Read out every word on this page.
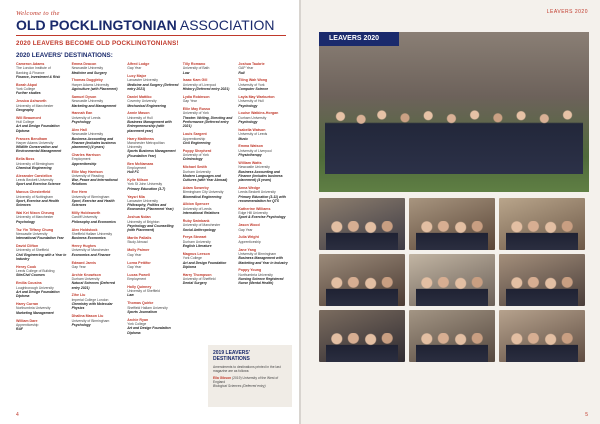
Welcome to the
OLD POCKLINGTONIAN ASSOCIATION
2020 LEAVERS BECOME OLD POCKLINGTONIANS!
2020 LEAVERS' DESTINATIONS:
Cameron Adams
The London Institute of
Banking & Finance
Finance, Investment & Risk
Borah Akpol
York College
Further studies
Jessica Ashworth
University of Manchester
Geography
Will Beaumont
Hull College
Art and Design Foundation Diploma
Frances Bendham
Harper Adams University
Wildlife Conservation and Environmental Management
Bella Boss
University of Birmingham
Chemical Engineering
Alexander Carstellon
Leeds Beckett University
Sport and Exercise Science
Marcus Chesterfield
University of Nottingham
Sport, Exercise and Health Sciences
Wai Kei Nixon Cheung
University of Manchester
Psychology
Tsz Yin Tiffany Chung
Newcastle University
International Foundation Year
David Clifton
University of Sheffield
Civil Engineering with a Year in Industry
Henry Cook
Leeds College of Building
Site/Civil Courses
Emilia Cousins
Loughborough University
Art and Design Foundation Diploma
Harry Curran
Northumbria University
Marketing Management
William Dare
Apprenticeship
RAF
Emma Deacon
Newcastle University
Medicine and Surgery
Thomas Duggleby
Harper Adams University
Agriculture (with Placement)
Samuel Dyson
Newcastle University
Marketing and Management
Hannah Ean
University of Leeds
Psychology
Alex Hall
Newcastle University
Business Accounting and Finance (includes business placement) (4 years)
Charles Harrison
Employment
Apprenticeship
Ellie May Harrison
University of Reading
War, Peace and International Relations
Eve Hern
University of Birmingham
Sport, Exercise and Health Sciences
Milly Holdsworth
Cardiff University
Philosophy and Economics
Alex Holdstock
Sheffield Hallam University
Business Economics
Henry Hughes
University of Manchester
Economics and Finance
Edward Jarvis
Gap Year
Archie Knowlson
Durham University
Natural Sciences (Deferred entry 2021)
Zihe Liu
Imperial College London
Chemistry with Molecular Physics
Dhalina Mason Liu
University of Birmingham
Psychology
Alfred Lodge
Gap Year
Lucy Major
Lancaster University
Medicine and Surgery (Deferred entry 2021)
Daniel Mattiko
Coventry University
Mechanical Engineering
Annie Mason
University of Hull
Business Management with Entrepreneurship (with placement year)
Harry Matthews
Manchester Metropolitan University
Sports Business Management (Foundation Year)
Ben McNamara
Employment
Hull FC
Kylie Milson
York St John University
Primary Education (3-7)
Yaysri Mia
Lancaster University
Philosophy, Politics and Economics (Placement Year)
Joshua Nolan
University of Brighton
Psychology and Counselling (with Placement)
Martin Pallalis
Study Abroad
Molly Palmer
Gap Year
Lorna Pettifor
Gap Year
Lucas Powell
Employment
Holly Quinney
University of Sheffield
Law
Thomas Quirke
Sheffield Hallam University
Sports Journalism
Archie Ryan
York College
Art and Design Foundation Diploma
Tilly Romano
University of Bath
Law
Isaac Kam Gill
University of Liverpool
History (Deferred entry 2021)
Lydia Robinson
Gap Year
Ellie May Russo
University of York
Theatre: Writing, Directing and Performance (Deferred entry 2021)
Louis Sargent
Apprenticeship
Civil Engineering
Poppy Shepherd
University of York
Criminology
Michael Smith
Durham University
Modern Languages and Cultures (with Year Abroad)
Adam Sowerby
Birmingham City University
Biomedical Engineering
Albion Spencer
University of Leeds
International Relations
Ruby Swinbank
University of Manchester
Social Anthropology
Freya Stewart
Durham University
English Literature
Magnus Leeson
York College
Art and Design Foundation Diploma
Harry Thompson
University of Sheffield
Dental Surgery
Joshua Taubrie
GAP Year
Rail
Tiling Wah Wong
University of York
Computer Science
Layla May Warburton
University of Hull
Psychology
Louise Watkins-Horgan
Durham University
Psychology
Isabella Watson
University of Leeds
Music
Emma Watson
University of Liverpool
Physiotherapy
William Watts
Newcastle University
Business Accounting and Finance (includes business placement) (4 years)
Anna Wedge
Leeds Beckett University
Primary Education (3-11) with recommendation for QTS
Katherine Williams
Edge Hill University
Sport & Exercise Psychology
Jason Wood
Gap Year
Julia Wright
Apprenticeship
Jane Yang
University of Birmingham
Business Management with Marketing and Year in Industry
Poppy Young
Northumbria University
Nursing Science Registered Nurse (Mental Health)
2019 LEAVERS' DESTINATIONS
Amendments to destinations printed in the last magazine are as follows:
Ella Gibson (2019) University of the West of England
Biological Sciences (Deferred entry)
4
LEAVERS 2020
LEAVERS 2020
5
